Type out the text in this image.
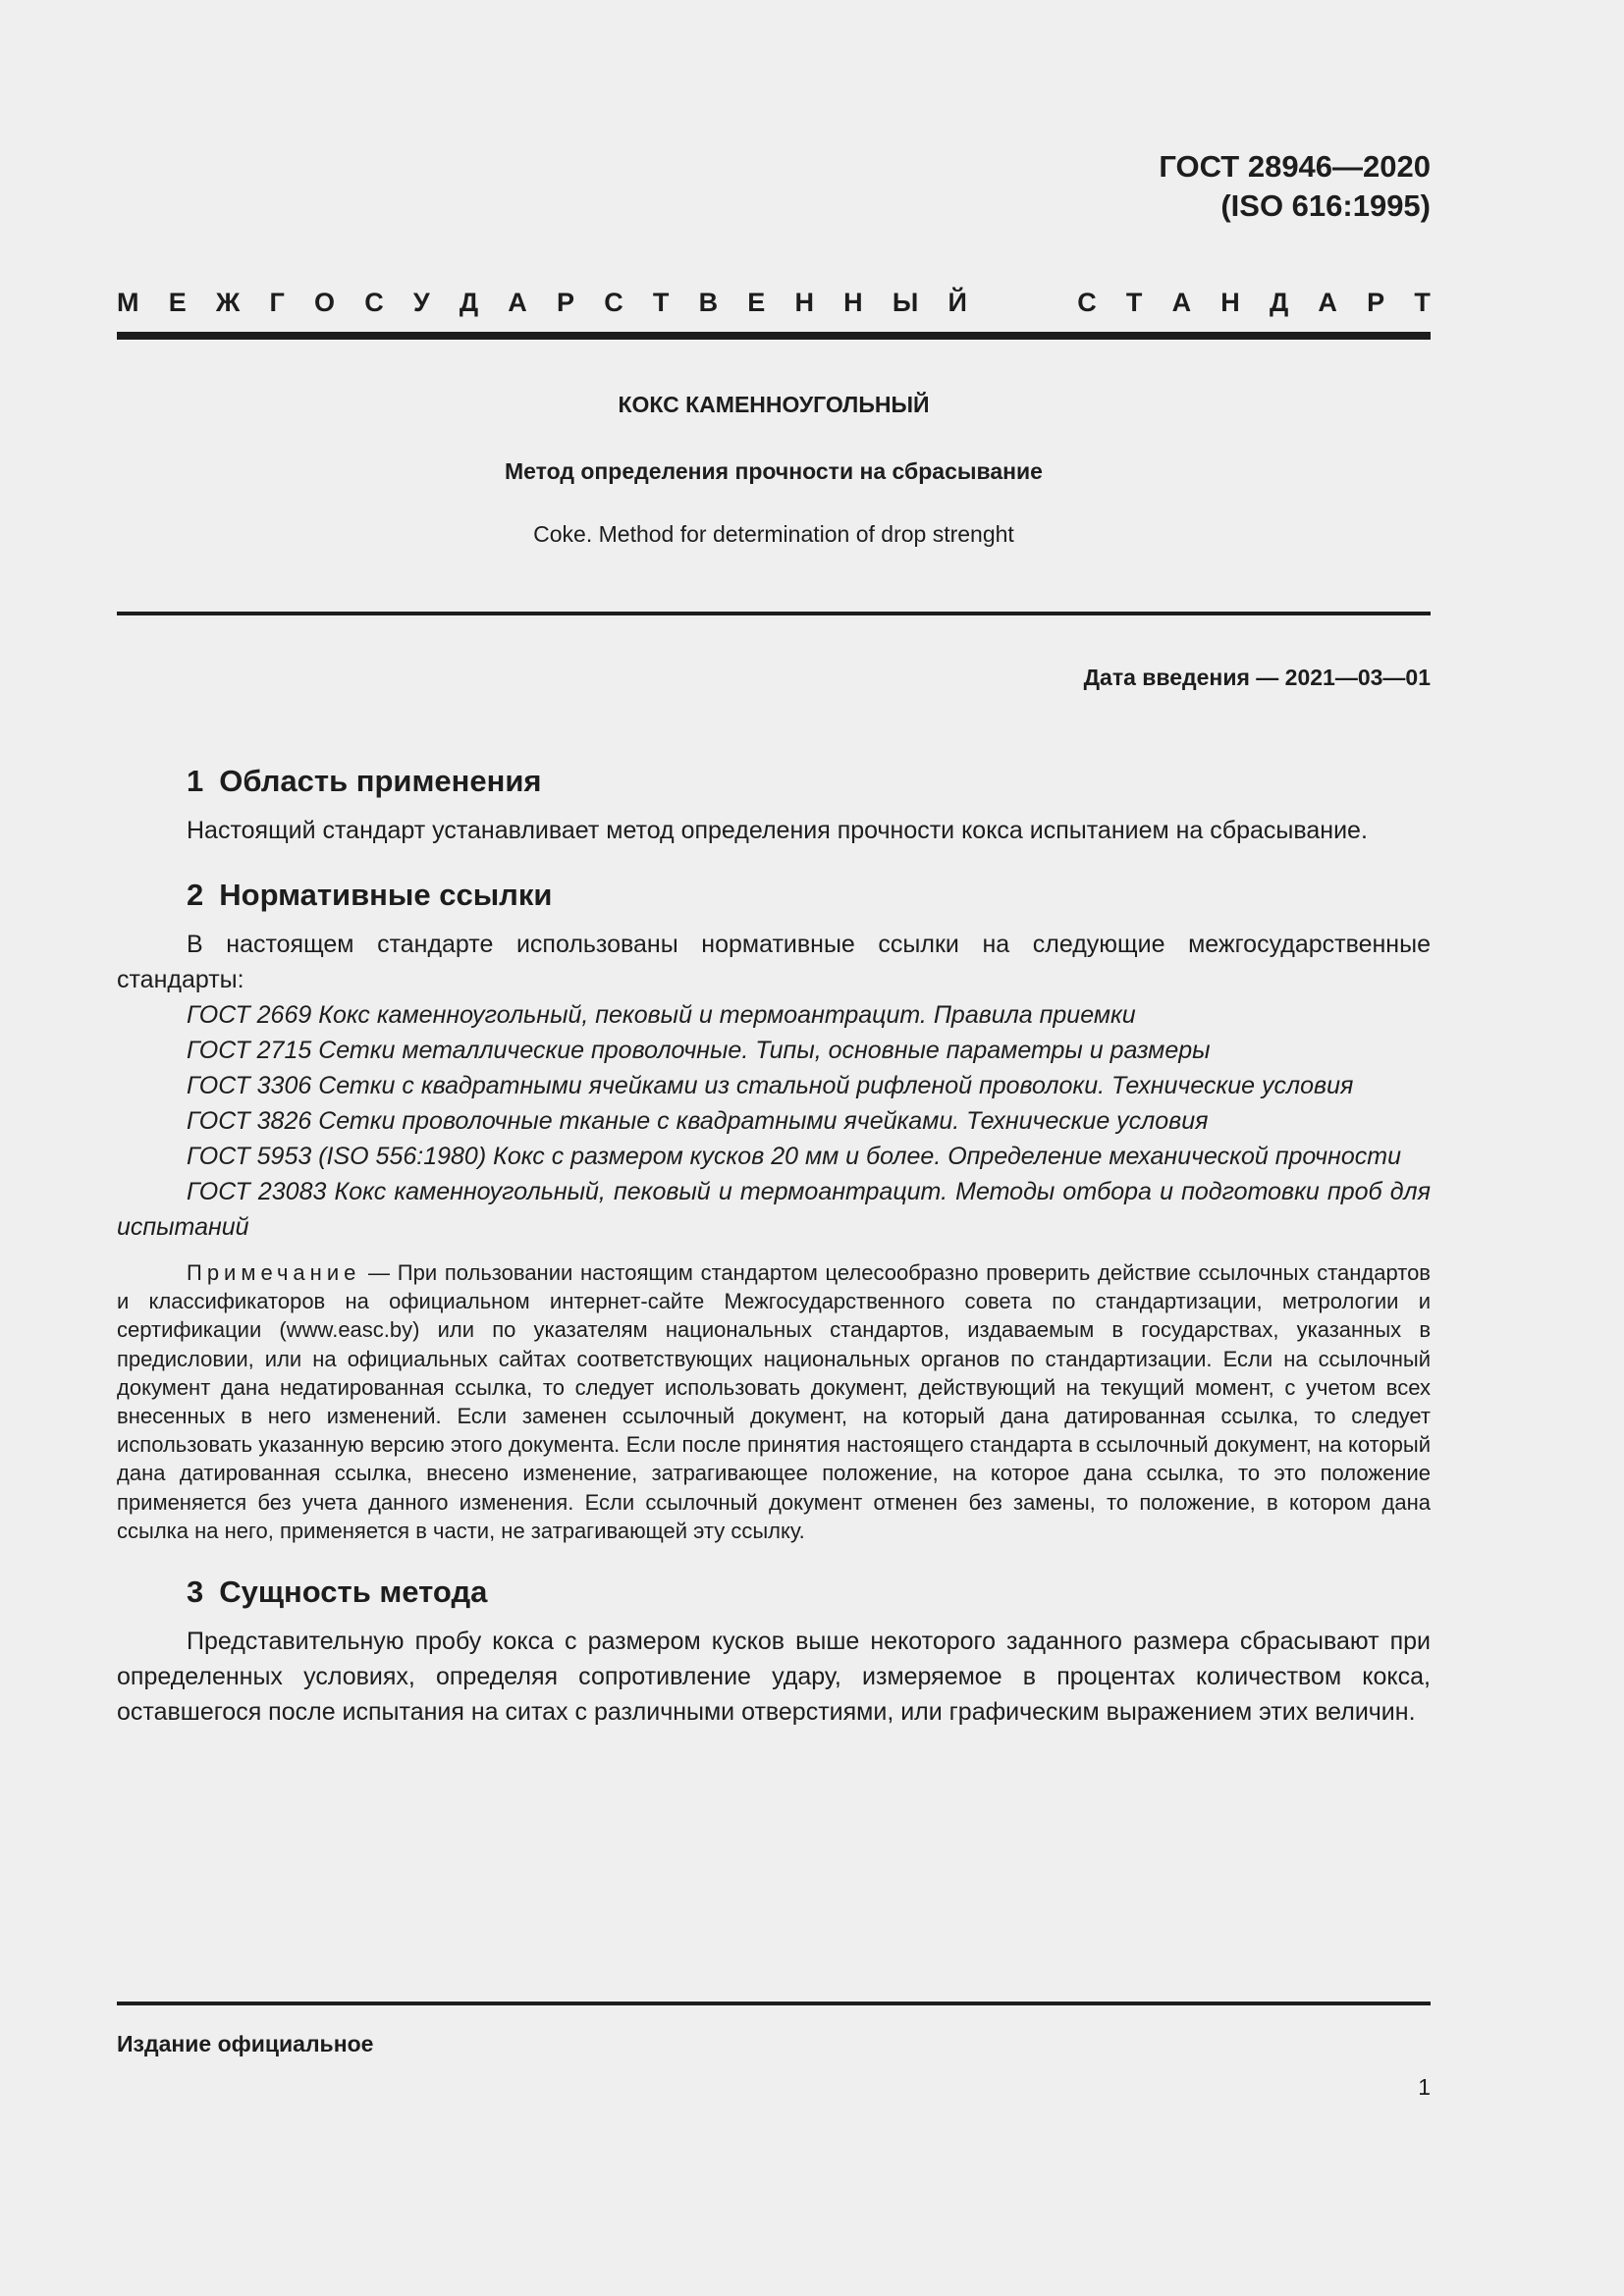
ГОСТ 28946—2020
(ISO 616:1995)
М Е Ж Г О С У Д А Р С Т В Е Н Н Ы Й	С Т А Н Д А Р Т
КОКС КАМЕННОУГОЛЬНЫЙ
Метод определения прочности на сбрасывание
Coke. Method for determination of drop strenght
Дата введения — 2021—03—01
1 Область применения

Настоящий стандарт устанавливает метод определения прочности кокса испытанием на сбрасывание.

2 Нормативные ссылки

В настоящем стандарте использованы нормативные ссылки на следующие межгосударственные стандарты:

ГОСТ 2669 Кокс каменноугольный, пековый и термоантрацит. Правила приемки

ГОСТ 2715 Сетки металлические проволочные. Типы, основные параметры и размеры

ГОСТ 3306 Сетки с квадратными ячейками из стальной рифленой проволоки. Технические условия

ГОСТ 3826 Сетки проволочные тканые с квадратными ячейками. Технические условия

ГОСТ 5953 (ISO 556:1980) Кокс с размером кусков 20 мм и более. Определение механической прочности

ГОСТ 23083 Кокс каменноугольный, пековый и термоантрацит. Методы отбора и подготовки проб для испытаний

Примечание — При пользовании настоящим стандартом целесообразно проверить действие ссылочных стандартов и классификаторов на официальном интернет-сайте Межгосударственного совета по стандартизации, метрологии и сертификации (www.easc.by) или по указателям национальных стандартов, издаваемым в государствах, указанных в предисловии, или на официальных сайтах соответствующих национальных органов по стандартизации. Если на ссылочный документ дана недатированная ссылка, то следует использовать документ, действующий на текущий момент, с учетом всех внесенных в него изменений. Если заменен ссылочный документ, на который дана датированная ссылка, то следует использовать указанную версию этого документа. Если после принятия настоящего стандарта в ссылочный документ, на который дана датированная ссылка, внесено изменение, затрагивающее положение, на которое дана ссылка, то это положение применяется без учета данного изменения. Если ссылочный документ отменен без замены, то положение, в котором дана ссылка на него, применяется в части, не затрагивающей эту ссылку.

3 Сущность метода

Представительную пробу кокса с размером кусков выше некоторого заданного размера сбрасывают при определенных условиях, определяя сопротивление удару, измеряемое в процентах количеством кокса, оставшегося после испытания на ситах с различными отверстиями, или графическим выражением этих величин.

Издание официальное
1
